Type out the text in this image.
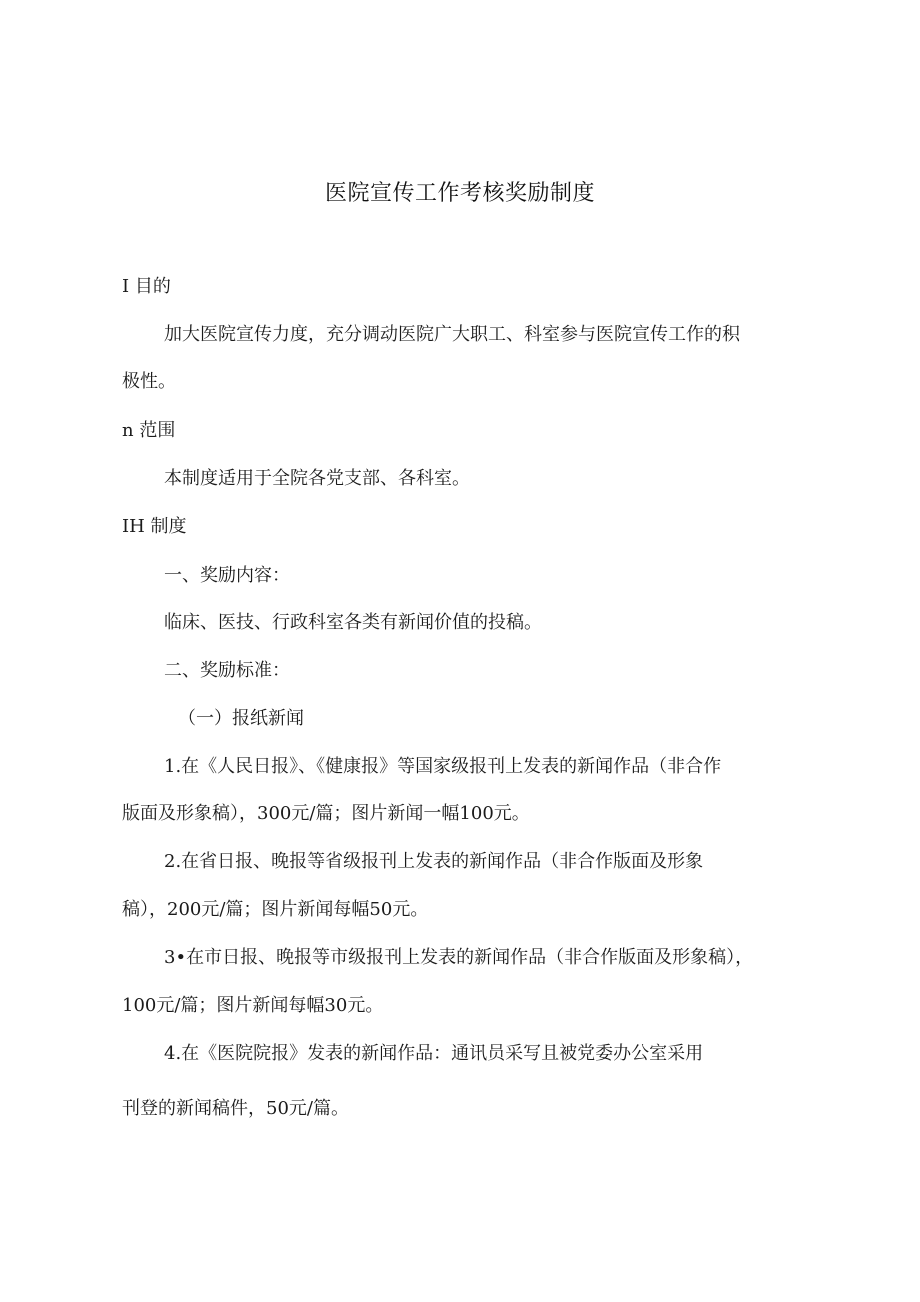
医院宣传工作考核奖励制度
I 目的
加大医院宣传力度，充分调动医院广大职工、科室参与医院宣传工作的积
极性。
n 范围
本制度适用于全院各党支部、各科室。
IH 制度
一、奖励内容：
临床、医技、行政科室各类有新闻价值的投稿。
二、奖励标准：
（一）报纸新闻
1.在《人民日报》、《健康报》等国家级报刊上发表的新闻作品（非合作
版面及形象稿），300元/篇；图片新闻一幅100元。
2.在省日报、晚报等省级报刊上发表的新闻作品（非合作版面及形象
稿），200元/篇；图片新闻每幅50元。
3•在市日报、晚报等市级报刊上发表的新闻作品（非合作版面及形象稿），
100元/篇；图片新闻每幅30元。
4.在《医院院报》发表的新闻作品：通讯员采写且被党委办公室采用
刊登的新闻稿件，50元/篇。
